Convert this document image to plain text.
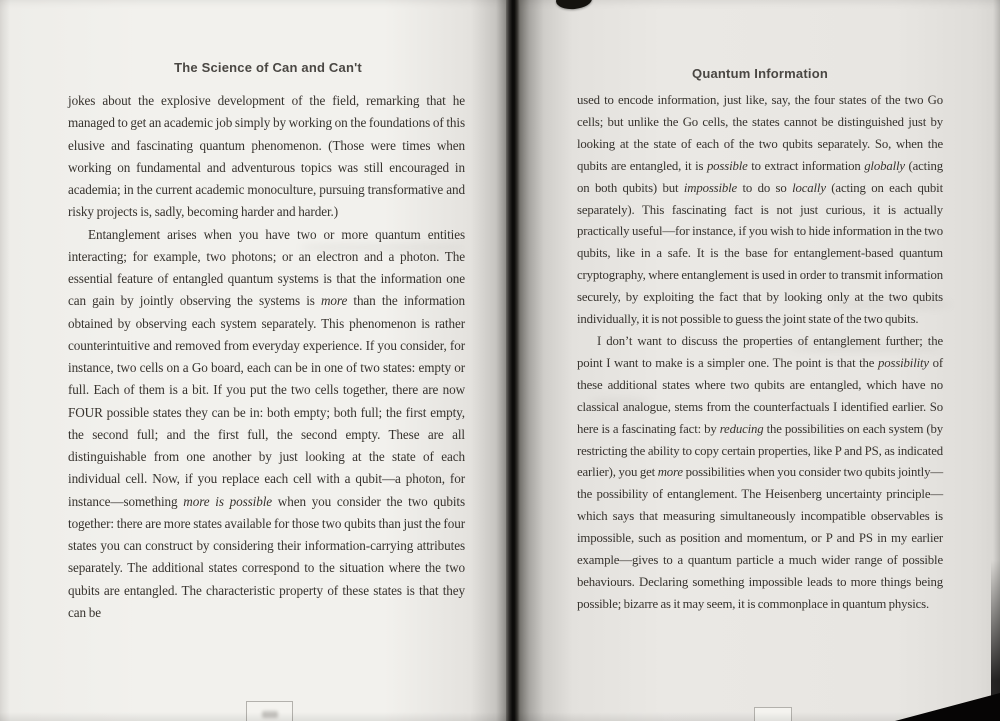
The Science of Can and Can't	Quantum Information
jokes about the explosive development of the field, remarking that he managed to get an academic job simply by working on the foundations of this elusive and fascinating quantum phenomenon. (Those were times when working on fundamental and adventurous topics was still encouraged in academia; in the current academic monoculture, pursuing transformative and risky projects is, sadly, becoming harder and harder.)
Entanglement arises when you have two or more quantum entities interacting; for example, two photons; or an electron and a photon. The essential feature of entangled quantum systems is that the information one can gain by jointly observing the systems is more than the information obtained by observing each system separately. This phenomenon is rather counterintuitive and removed from everyday experience. If you consider, for instance, two cells on a Go board, each can be in one of two states: empty or full. Each of them is a bit. If you put the two cells together, there are now FOUR possible states they can be in: both empty; both full; the first empty, the second full; and the first full, the second empty. These are all distinguishable from one another by just looking at the state of each individual cell. Now, if you replace each cell with a qubit—a photon, for instance—something more is possible when you consider the two qubits together: there are more states available for those two qubits than just the four states you can construct by considering their information-carrying attributes separately. The additional states correspond to the situation where the two qubits are entangled. The characteristic property of these states is that they can be
used to encode information, just like, say, the four states of the two Go cells; but unlike the Go cells, the states cannot be distinguished just by looking at the state of each of the two qubits separately. So, when the qubits are entangled, it is possible to extract information globally (acting on both qubits) but impossible to do so locally (acting on each qubit separately). This fascinating fact is not just curious, it is actually practically useful—for instance, if you wish to hide information in the two qubits, like in a safe. It is the base for entanglement-based quantum cryptography, where entanglement is used in order to transmit information securely, by exploiting the fact that by looking only at the two qubits individually, it is not possible to guess the joint state of the two qubits.
I don’t want to discuss the properties of entanglement further; the point I want to make is a simpler one. The point is that the possibility of these additional states where two qubits are entangled, which have no classical analogue, stems from the counterfactuals I identified earlier. So here is a fascinating fact: by reducing the possibilities on each system (by restricting the ability to copy certain properties, like P and PS, as indicated earlier), you get more possibilities when you consider two qubits jointly—the possibility of entanglement. The Heisenberg uncertainty principle—which says that measuring simultaneously incompatible observables is impossible, such as position and momentum, or P and PS in my earlier example—gives to a quantum particle a much wider range of possible behaviours. Declaring something impossible leads to more things being possible; bizarre as it may seem, it is commonplace in quantum physics.
